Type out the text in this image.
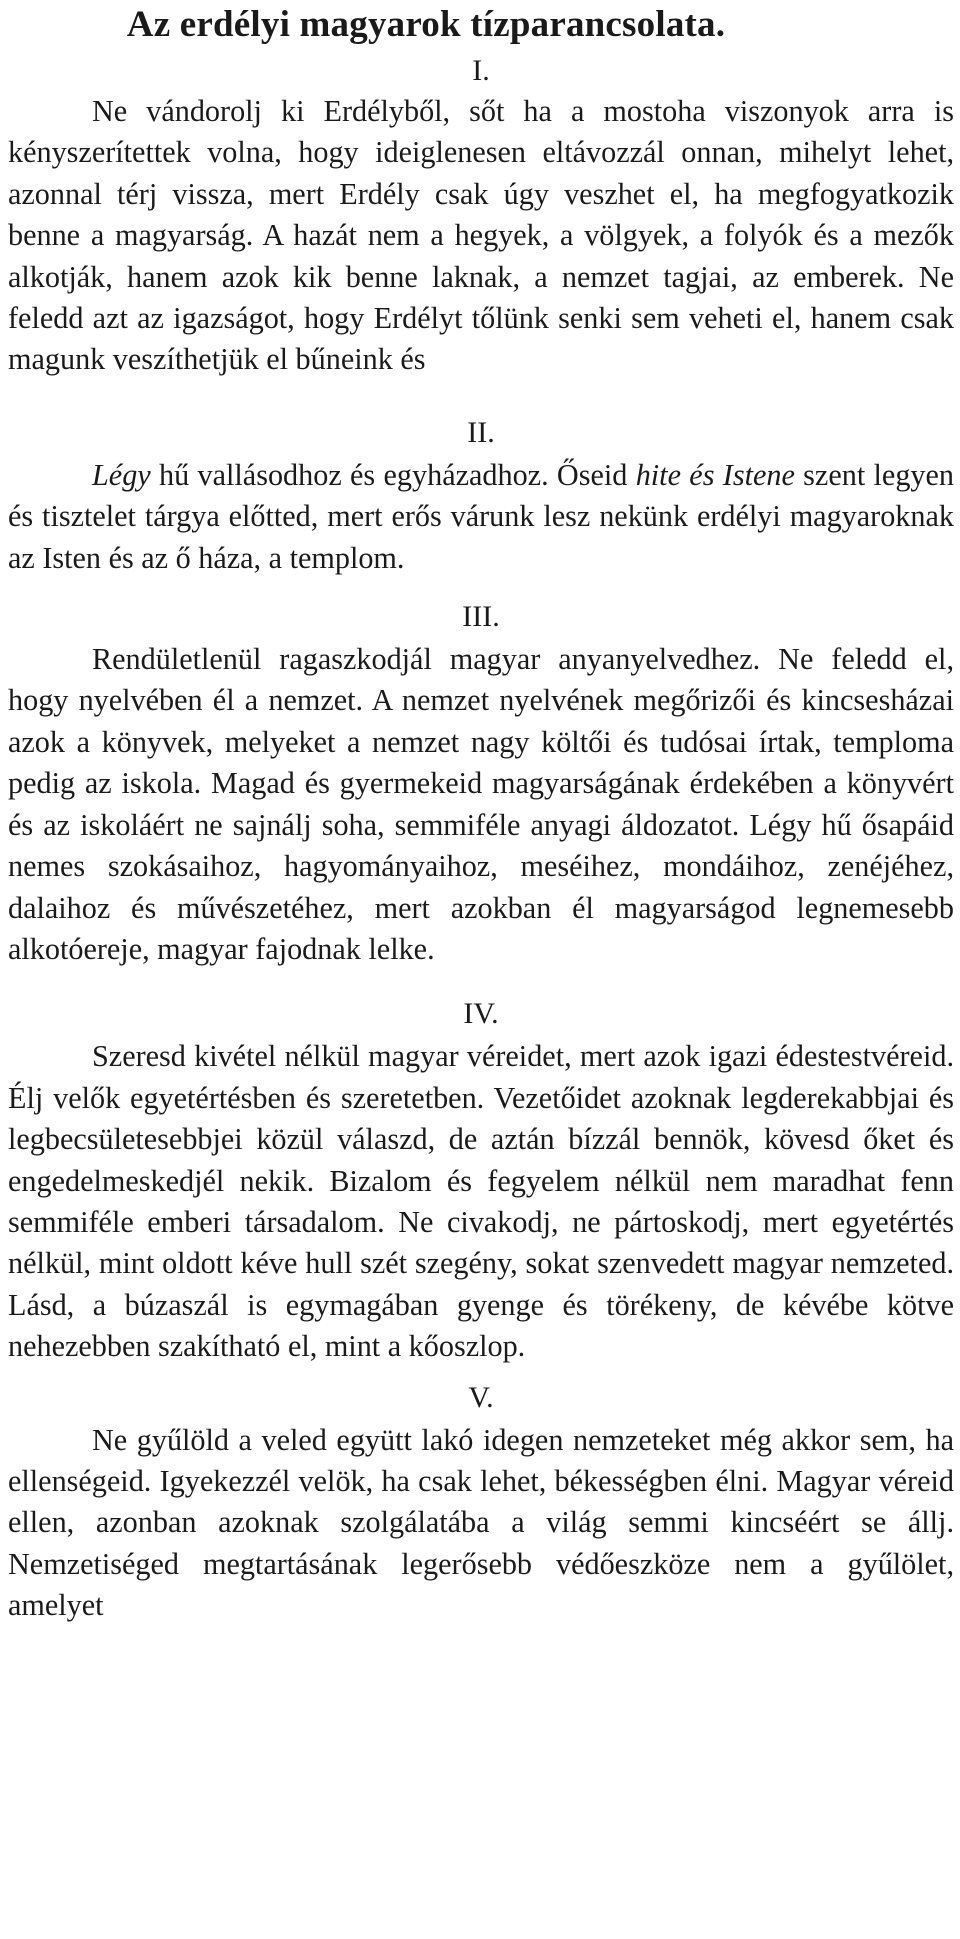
Az erdélyi magyarok tízparancsolata.

I.

Ne vándorolj ki Erdélyből, sőt ha a mostoha viszonyok arra is kényszerítettek volna, hogy ideiglenesen eltávozzál onnan, mihelyt lehet, azonnal térj vissza, mert Erdély csak úgy veszhet el, ha megfogyatkozik benne a magyarság. A hazát nem a hegyek, a völgyek, a folyók és a mezők alkotják, hanem azok kik benne laknak, a nemzet tagjai, az emberek. Ne feledd azt az igazságot, hogy Erdélyt tőlünk senki sem veheti el, hanem csak magunk veszíthetjük el bűneink és

II.

Légy hű vallásodhoz és egyházadhoz. Őseid hite és Istene szent legyen és tisztelet tárgya előtted, mert erős várunk lesz nekünk erdélyi magyaroknak az Isten és az ő háza, a templom.

III.

Rendületlenül ragaszkodjál magyar anyanyelvedhez. Ne feledd el, hogy nyelvében él a nemzet. A nemzet nyelvének megőrizői és kincsesházai azok a könyvek, melyeket a nemzet nagy költői és tudósai írtak, temploma pedig az iskola. Magad és gyermekeid magyarságának érdekében a könyvért és az iskoláért ne sajnálj soha, semmiféle anyagi áldozatot. Légy hű ősapáid nemes szokásaihoz, hagyományaihoz, meséihez, mondáihoz, zenéjéhez, dalaihoz és művészetéhez, mert azokban él magyarságod legnemesebb alkotóereje, magyar fajodnak lelke.

IV.

Szeresd kivétel nélkül magyar véreidet, mert azok igazi édestestvéreid. Élj velők egyetértésben és szeretetben. Vezetőidet azoknak legderekabbjai és legbecsületesebbjei közül válaszd, de aztán bízzál bennök, kövesd őket és engedelmeskedjél nekik. Bizalom és fegyelem nélkül nem maradhat fenn semmiféle emberi társadalom. Ne civakodj, ne pártoskodj, mert egyetértés nélkül, mint oldott kéve hull szét szegény, sokat szenvedett magyar nemzeted. Lásd, a búzaszál is egymagában gyenge és törékeny, de kévébe kötve nehezebben szakítható el, mint a kőoszlop.

V.

Ne gyűlöld a veled együtt lakó idegen nemzeteket még akkor sem, ha ellenségeid. Igyekezzél velök, ha csak lehet, békességben élni. Magyar véreid ellen, azonban azoknak szolgálatába a világ semmi kincséért se állj. Nemzetiséged megtartásának legerősebb védőeszköze nem a gyűlölet, amelyet
